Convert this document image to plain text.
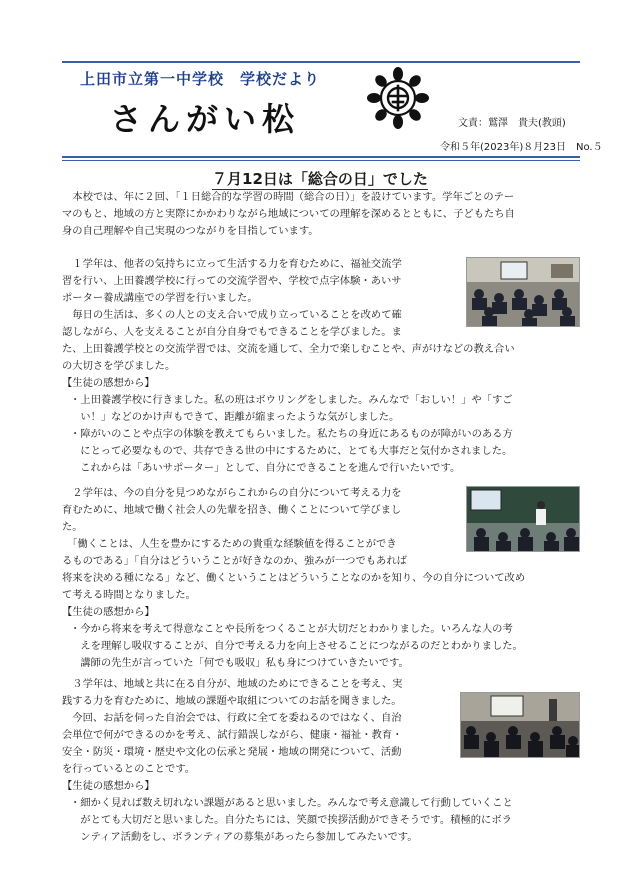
上田市立第一中学校　学校だより
さんがい松	文責：鷲澤　貴夫(教頭)
令和５年(2023年)８月23日　No.５
７月12日は「総合の日」でした
　本校では、年に２回、「１日総合的な学習の時間（総合の日）」を設けています。学年ごとのテー
マのもと、地域の方と実際にかかわりながら地域についての理解を深めるとともに、子どもたち自
身の自己理解や自己実現のつながりを目指しています。
　１学年は、他者の気持ちに立って生活する力を育むために、福祉交流学
習を行い、上田養護学校に行っての交流学習や、学校で点字体験・あいサ
ポーター養成講座での学習を行いました。
　毎日の生活は、多くの人との支え合いで成り立っていることを改めて確
認しながら、人を支えることが自分自身でもできることを学びました。ま
た、上田養護学校との交流学習では、交流を通して、全力で楽しむことや、声がけなどの教え合い
の大切さを学びました。
【生徒の感想から】
・上田養護学校に行きました。私の班はボウリングをしました。みんなで「おしい！」や「すご
　い！」などのかけ声もできて、距離が縮まったような気がしました。
・障がいのことや点字の体験を教えてもらいました。私たちの身近にあるものが障がいのある方
　にとって必要なもので、共存できる世の中にするために、とても大事だと気付かされました。
　これからは「あいサポーター」として、自分にできることを進んで行いたいです。
　２学年は、今の自分を見つめながらこれからの自分について考える力を
育むために、地域で働く社会人の先輩を招き、働くことについて学びまし
た。
　「働くことは、人生を豊かにするための貴重な経験値を得ることができ
るものである」「自分はどういうことが好きなのか、強みが一つでもあれば
将来を決める種になる」など、働くということはどういうことなのかを知り、今の自分について改め
て考える時間となりました。
【生徒の感想から】
・今から将来を考えて得意なことや長所をつくることが大切だとわかりました。いろんな人の考
　えを理解し吸収することが、自分で考える力を向上させることにつながるのだとわかりました。
　講師の先生が言っていた「何でも吸収」私も身につけていきたいです。
　３学年は、地域と共に在る自分が、地域のためにできることを考え、実
践する力を育むために、地域の課題や取組についてのお話を聞きました。
　今回、お話を伺った自治会では、行政に全てを委ねるのではなく、自治
会単位で何ができるのかを考え、試行錯誤しながら、健康・福祉・教育・
安全・防災・環境・歴史や文化の伝承と発展・地域の開発について、活動
を行っているとのことです。
【生徒の感想から】
・細かく見れば数え切れない課題があると思いました。みんなで考え意識して行動していくこと
　がとても大切だと思いました。自分たちには、笑顔で挨拶活動ができそうです。積極的にボラ
　ンティア活動をし、ボランティアの募集があったら参加してみたいです。
